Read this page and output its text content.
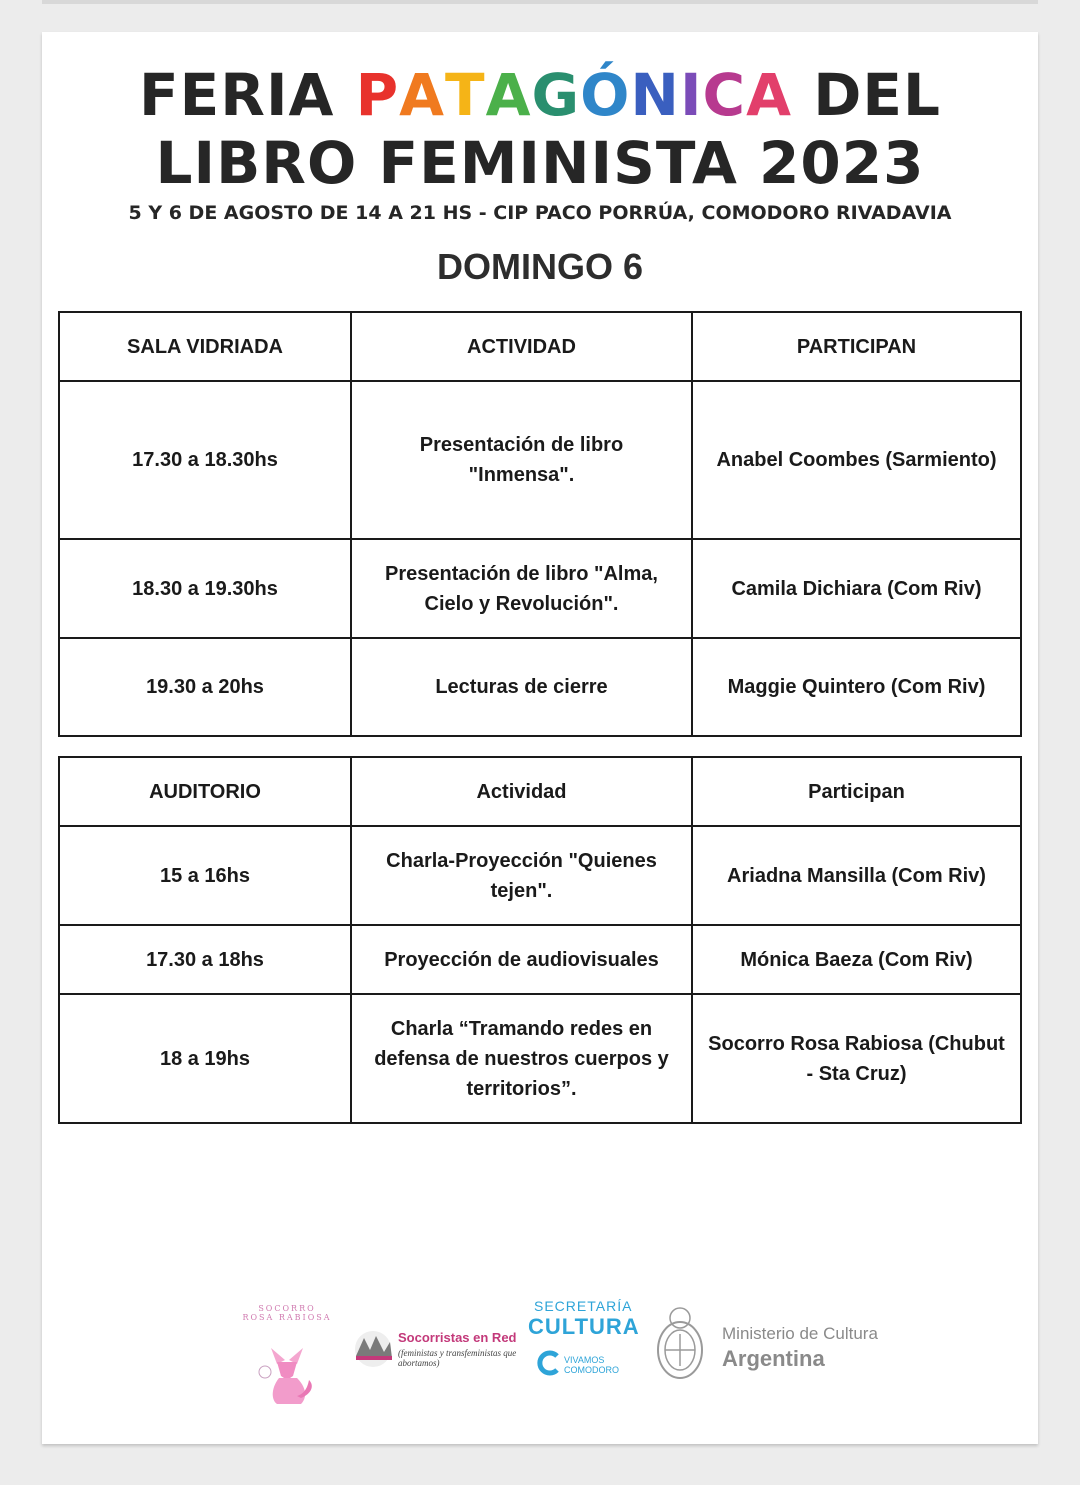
FERIA PATAGÓNICA DEL
LIBRO FEMINISTA 2023
5 Y 6 DE AGOSTO DE 14 A 21 HS - CIP PACO PORRÚA, COMODORO RIVADAVIA
DOMINGO 6
SALA VIDRIADA	ACTIVIDAD	PARTICIPAN
17.30 a 18.30hs	Presentación de libro "Inmensa".	Anabel Coombes (Sarmiento)
18.30 a 19.30hs	Presentación de libro "Alma, Cielo y Revolución".	Camila Dichiara (Com Riv)
19.30 a 20hs	Lecturas de cierre	Maggie Quintero (Com Riv)
AUDITORIO	Actividad	Participan
15 a 16hs	Charla-Proyección "Quienes tejen".	Ariadna Mansilla (Com Riv)
17.30 a 18hs	Proyección de audiovisuales	Mónica Baeza (Com Riv)
18 a 19hs	Charla “Tramando redes en defensa de nuestros cuerpos y territorios”.	Socorro Rosa Rabiosa (Chubut - Sta Cruz)
SOCORRO ROSA RABIOSA
Socorristas en Red
(feministas y transfeministas que abortamos)
SECRETARÍA
CULTURA
VIVAMOS
COMODORO
Ministerio de Cultura
Argentina
